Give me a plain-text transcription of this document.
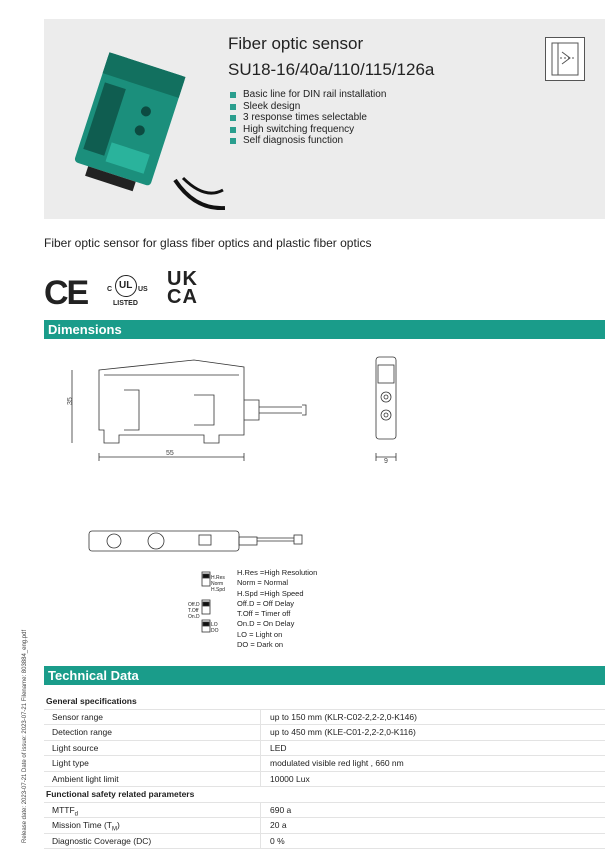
Fiber optic sensor
SU18-16/40a/110/115/126a
Basic line for DIN rail installation
Sleek design
3 response times selectable
High switching frequency
Self diagnosis function
Fiber optic sensor for glass fiber optics and plastic fiber optics
CE	C UL US
LISTED
UK
CA
Dimensions
55
35
9
H.Res
Norm
H.Spd
Off.D
T.Off
On.D
LO
DO
H.Res =High Resolution
Norm = Normal
H.Spd =High Speed
Off.D = Off Delay
T.Off = Timer off
On.D = On Delay
LO = Light on
DO = Dark on
Technical Data
General specifications
Sensor range	up to 150 mm (KLR-C02-2,2-2,0-K146)
Detection range	up to 450 mm (KLE-C01-2,2-2,0-K116)
Light source	LED
Light type	modulated visible red light , 660 nm
Ambient light limit	10000 Lux
Functional safety related parameters
$MTTF_d$	690 a
Mission Time $(T_M)$	20 a
Diagnostic Coverage (DC)	0 %
Release date: 2023-07-21 Date of issue: 2023-07-21 Filename: 803884_eng.pdf
